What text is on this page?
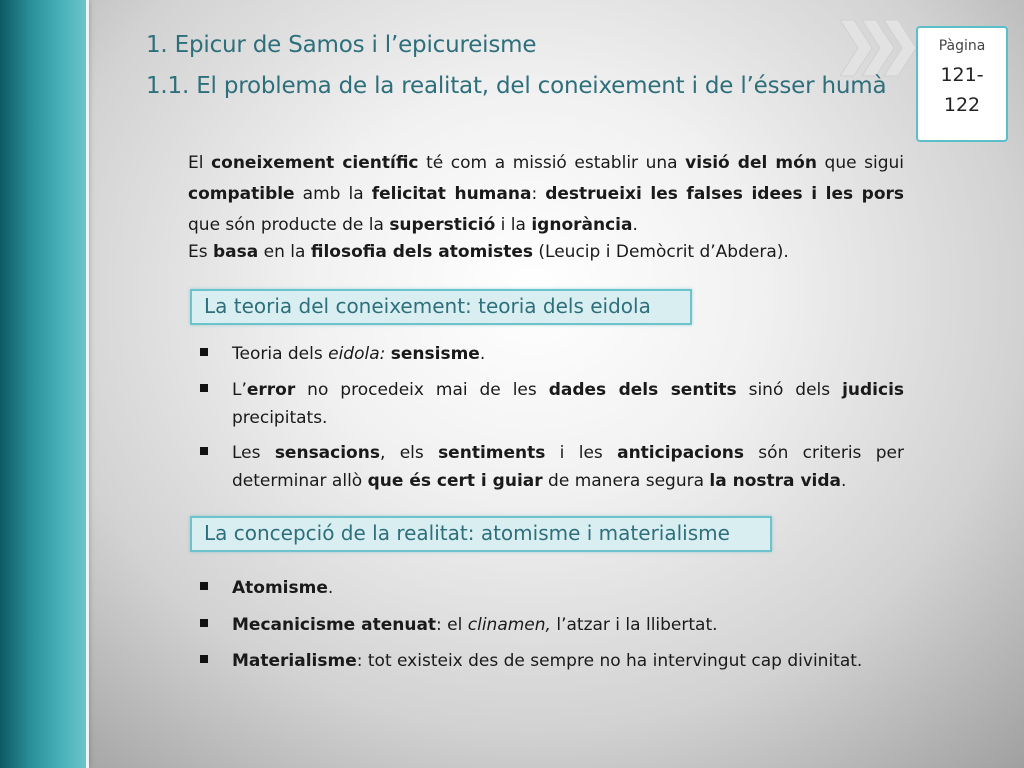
1. Epicur de Samos i l’epicureisme
1.1. El problema de la realitat, del coneixement i de l’ésser humà
Pàgina
121-122
El coneixement científic té com a missió establir una visió del món que sigui compatible amb la felicitat humana: destrueixi les falses idees i les pors que són producte de la superstició i la ignorància.
Es basa en la filosofia dels atomistes (Leucip i Demòcrit d’Abdera).
La teoria del coneixement: teoria dels eidola
Teoria dels eidola: sensisme.
L’error no procedeix mai de les dades dels sentits sinó dels judicis precipitats.
Les sensacions, els sentiments i les anticipacions són criteris per determinar allò que és cert i guiar de manera segura la nostra vida.
La concepció de la realitat: atomisme i materialisme
Atomisme.
Mecanicisme atenuat: el clinamen, l’atzar i la llibertat.
Materialisme: tot existeix des de sempre no ha intervingut cap divinitat.
